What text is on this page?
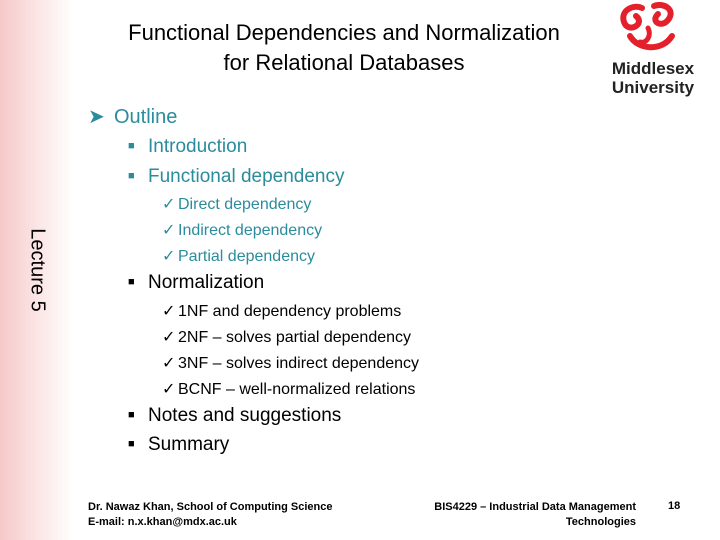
Lecture 5
Functional Dependencies and Normalization
for Relational Databases	Middlesex
University
➤ Outline
■ Introduction
■ Functional dependency
✓ Direct dependency
✓ Indirect dependency
✓ Partial dependency
■ Normalization
✓ 1NF and dependency problems
✓ 2NF – solves partial dependency
✓ 3NF – solves indirect dependency
✓ BCNF – well-normalized relations
■ Notes and suggestions
■ Summary
Dr. Nawaz Khan, School of Computing Science
E-mail: n.x.khan@mdx.ac.uk
BIS4229 – Industrial Data Management
Technologies
18
